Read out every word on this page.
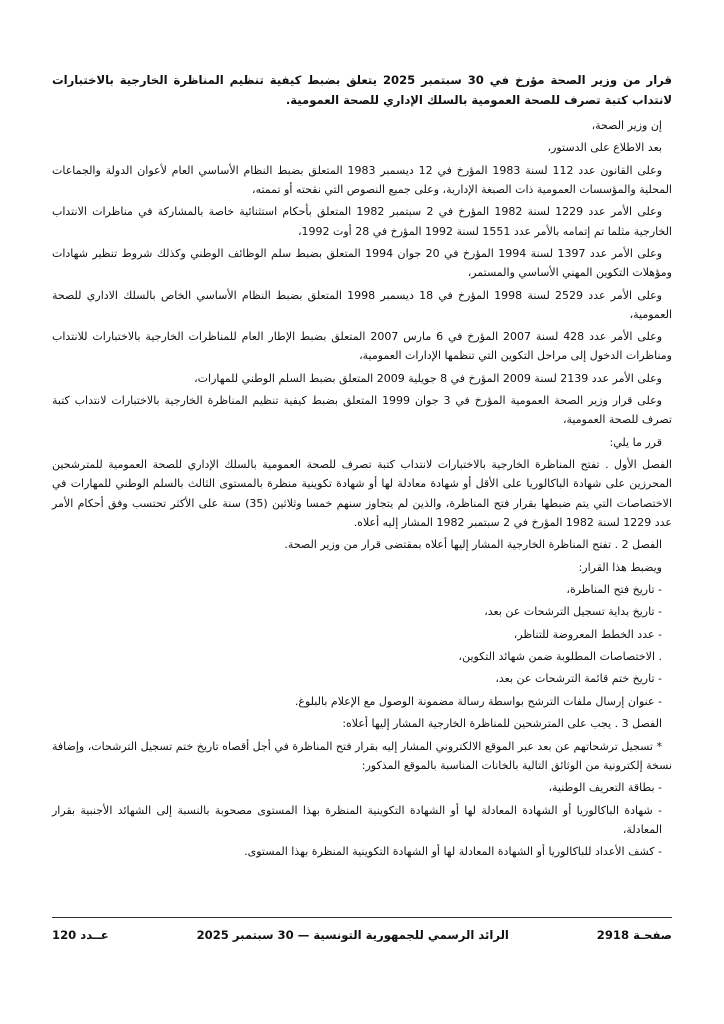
قرار من وزير الصحة مؤرخ في 30 سبتمبر 2025 يتعلق بضبط كيفية تنظيم المناظرة الخارجية بالاختبارات لانتداب كتبة تصرف للصحة العمومية بالسلك الإداري للصحة العمومية.
إن وزير الصحة،
بعد الاطلاع على الدستور،
وعلى القانون عدد 112 لسنة 1983 المؤرخ في 12 ديسمبر 1983 المتعلق بضبط النظام الأساسي العام لأعوان الدولة والجماعات المحلية والمؤسسات العمومية ذات الصبغة الإدارية، وعلى جميع النصوص التي نقحته أو تممته،
وعلى الأمر عدد 1229 لسنة 1982 المؤرخ في 2 سبتمبر 1982 المتعلق بأحكام استثنائية خاصة بالمشاركة في مناظرات الانتداب الخارجية مثلما تم إتمامه بالأمر عدد 1551 لسنة 1992 المؤرخ في 28 أوت 1992،
وعلى الأمر عدد 1397 لسنة 1994 المؤرخ في 20 جوان 1994 المتعلق بضبط سلم الوظائف الوطني وكذلك شروط تنظير شهادات ومؤهلات التكوين المهني الأساسي والمستمر،
وعلى الأمر عدد 2529 لسنة 1998 المؤرخ في 18 ديسمبر 1998 المتعلق بضبط النظام الأساسي الخاص بالسلك الاداري للصحة العمومية،
وعلى الأمر عدد 428 لسنة 2007 المؤرخ في 6 مارس 2007 المتعلق بضبط الإطار العام للمناظرات الخارجية بالاختبارات للانتداب ومناظرات الدخول إلى مراحل التكوين التي تنظمها الإدارات العمومية،
وعلى الأمر عدد 2139 لسنة 2009 المؤرخ في 8 جويلية 2009 المتعلق بضبط السلم الوطني للمهارات،
وعلى قرار وزير الصحة العمومية المؤرخ في 3 جوان 1999 المتعلق بضبط كيفية تنظيم المناظرة الخارجية بالاختبارات لانتداب كتبة تصرف للصحة العمومية،
قرر ما يلي:
الفصل الأول . تفتح المناظرة الخارجية بالاختبارات لانتداب كتبة تصرف للصحة العمومية بالسلك الإداري للصحة العمومية للمترشحين المحرزين على شهادة الباكالوريا على الأقل أو شهادة معادلة لها أو شهادة تكوينية منظرة بالمستوى الثالث بالسلم الوطني للمهارات في الاختصاصات التي يتم ضبطها بقرار فتح المناظرة، والذين لم يتجاوز سنهم خمسا وثلاثين (35) سنة على الأكثر تحتسب وفق أحكام الأمر عدد 1229 لسنة 1982 المؤرخ في 2 سبتمبر 1982 المشار إليه أعلاه.
الفصل 2 . تفتح المناظرة الخارجية المشار إليها أعلاه بمقتضى قرار من وزير الصحة.
ويضبط هذا القرار:
- تاريخ فتح المناظرة،
- تاريخ بداية تسجيل الترشحات عن بعد،
- عدد الخطط المعروضة للتناظر،
. الاختصاصات المطلوبة ضمن شهائد التكوين،
- تاريخ ختم قائمة الترشحات عن بعد،
- عنوان إرسال ملفات الترشح بواسطة رسالة مضمونة الوصول مع الإعلام بالبلوغ.
الفصل 3 . يجب على المترشحين للمناظرة الخارجية المشار إليها أعلاه:
* تسجيل ترشحاتهم عن بعد عبر الموقع الالكتروني المشار إليه بقرار فتح المناظرة في أجل أقصاه تاريخ ختم تسجيل الترشحات، وإضافة نسخة إلكترونية من الوثائق التالية بالخانات المناسبة بالموقع المذكور:
- بطاقة التعريف الوطنية،
- شهادة الباكالوريا أو الشهادة المعادلة لها أو الشهادة التكوينية المنظرة بهذا المستوى مصحوبة بالنسبة إلى الشهائد الأجنبية بقرار المعادلة،
- كشف الأعداد للباكالوريا أو الشهادة المعادلة لها أو الشهادة التكوينية المنظرة بهذا المستوى.
صفحـة 2918
الرائد الرسمي للجمهورية التونسية — 30 سبتمبر 2025
عــدد 120
